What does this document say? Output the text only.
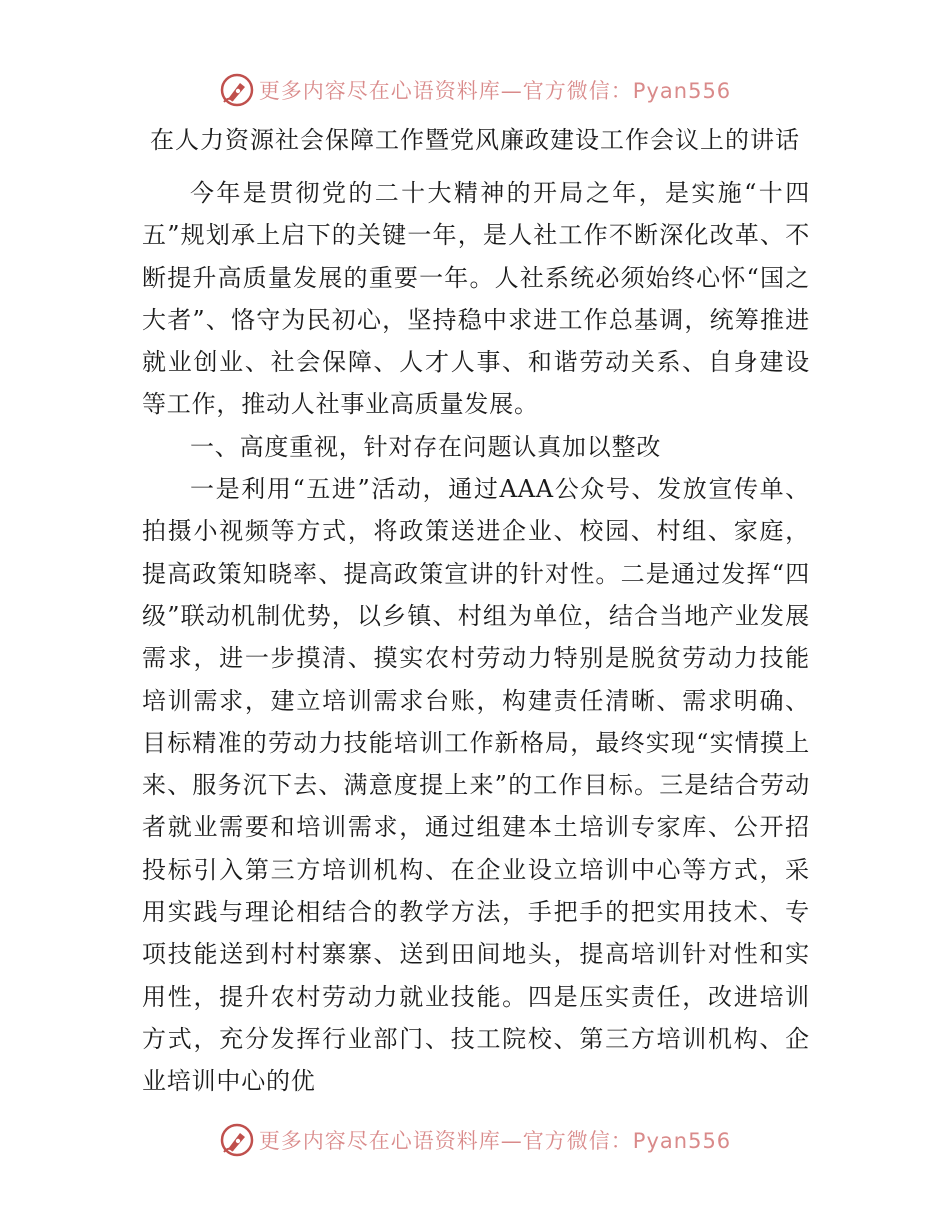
更多内容尽在心语资料库—官方微信：Pyan556
在人力资源社会保障工作暨党风廉政建设工作会议上的讲话

今年是贯彻党的二十大精神的开局之年，是实施“十四五”规划承上启下的关键一年，是人社工作不断深化改革、不断提升高质量发展的重要一年。人社系统必须始终心怀“国之大者”、恪守为民初心，坚持稳中求进工作总基调，统筹推进就业创业、社会保障、人才人事、和谐劳动关系、自身建设等工作，推动人社事业高质量发展。

一、高度重视，针对存在问题认真加以整改

一是利用“五进”活动，通过AAA公众号、发放宣传单、拍摄小视频等方式，将政策送进企业、校园、村组、家庭，提高政策知晓率、提高政策宣讲的针对性。二是通过发挥“四级”联动机制优势，以乡镇、村组为单位，结合当地产业发展需求，进一步摸清、摸实农村劳动力特别是脱贫劳动力技能培训需求，建立培训需求台账，构建责任清晰、需求明确、目标精准的劳动力技能培训工作新格局，最终实现“实情摸上来、服务沉下去、满意度提上来”的工作目标。三是结合劳动者就业需要和培训需求，通过组建本土培训专家库、公开招投标引入第三方培训机构、在企业设立培训中心等方式，采用实践与理论相结合的教学方法，手把手的把实用技术、专项技能送到村村寨寨、送到田间地头，提高培训针对性和实用性，提升农村劳动力就业技能。四是压实责任，改进培训方式，充分发挥行业部门、技工院校、第三方培训机构、企业培训中心的优

更多内容尽在心语资料库—官方微信：Pyan556
